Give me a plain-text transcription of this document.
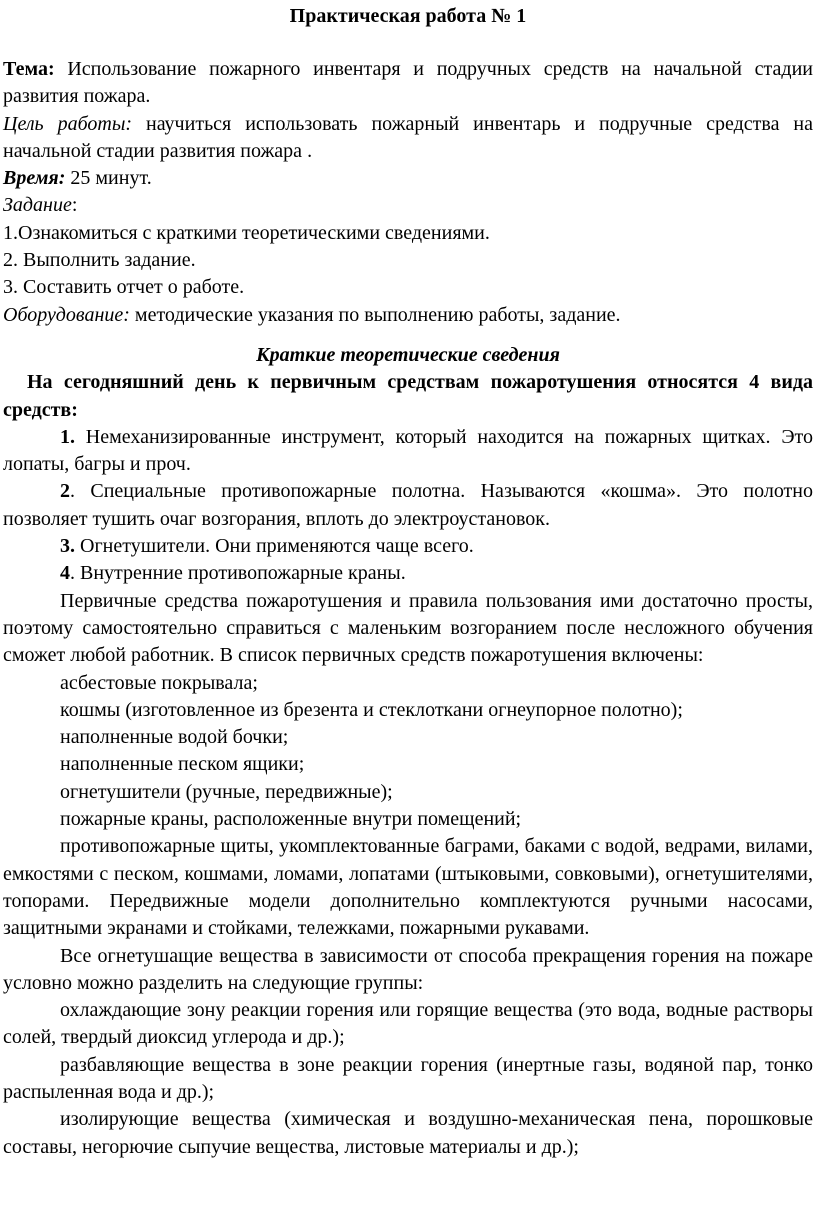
Практическая работа № 1

Тема: Использование пожарного инвентаря и подручных средств на начальной стадии развития пожара.

Цель работы: научиться использовать пожарный инвентарь и подручные средства на начальной стадии развития пожара .

Время: 25 минут.

Задание:

1.Ознакомиться с краткими теоретическими сведениями.

2. Выполнить задание.

3. Составить отчет о работе.

Оборудование: методические указания по выполнению работы, задание.

Краткие теоретические сведения

На сегодняшний день к первичным средствам пожаротушения относятся 4 вида средств:

1. Немеханизированные инструмент, который находится на пожарных щитках. Это лопаты, багры и проч.

2. Специальные противопожарные полотна. Называются «кошма». Это полотно позволяет тушить очаг возгорания, вплоть до электроустановок.

3. Огнетушители. Они применяются чаще всего.

4. Внутренние противопожарные краны.

Первичные средства пожаротушения и правила пользования ими достаточно просты, поэтому самостоятельно справиться с маленьким возгоранием после несложного обучения сможет любой работник. В список первичных средств пожаротушения включены:

асбестовые покрывала;

кошмы (изготовленное из брезента и стеклоткани огнеупорное полотно);

наполненные водой бочки;

наполненные песком ящики;

огнетушители (ручные, передвижные);

пожарные краны, расположенные внутри помещений;

противопожарные щиты, укомплектованные баграми, баками с водой, ведрами, вилами, емкостями с песком, кошмами, ломами, лопатами (штыковыми, совковыми), огнетушителями, топорами. Передвижные модели дополнительно комплектуются ручными насосами, защитными экранами и стойками, тележками, пожарными рукавами.

Все огнетушащие вещества в зависимости от способа прекращения горения на пожаре условно можно разделить на следующие группы:

охлаждающие зону реакции горения или горящие вещества (это вода, водные растворы солей, твердый диоксид углерода и др.);

разбавляющие вещества в зоне реакции горения (инертные газы, водяной пар, тонко распыленная вода и др.);

изолирующие вещества (химическая и воздушно-механическая пена, порошковые составы, негорючие сыпучие вещества, листовые материалы и др.);
